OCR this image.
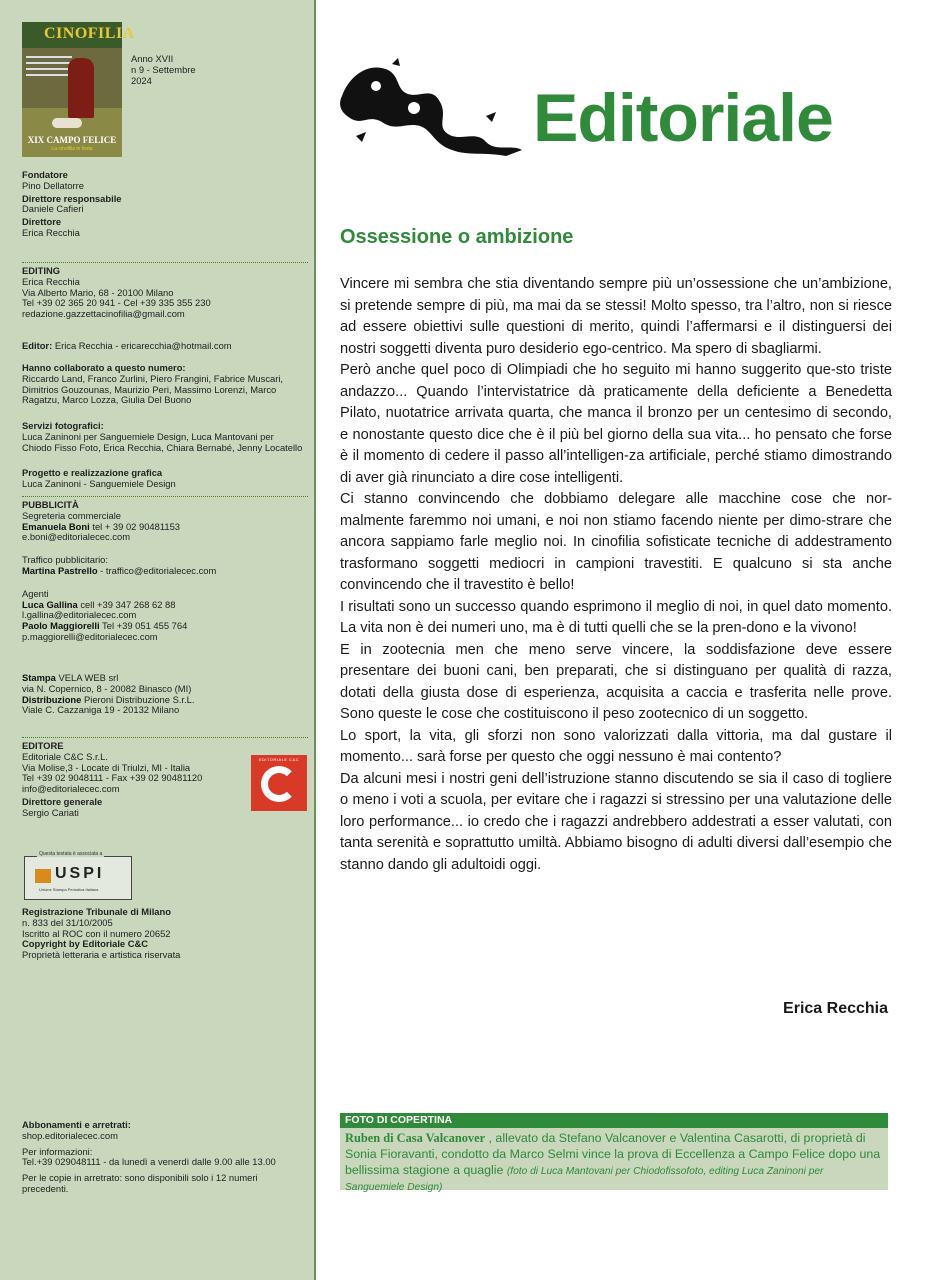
CINOFILIA
XIX CAMPO FELICE
La cinofilia in festa
Anno XVII
n 9 - Settembre
2024
Fondatore
Pino Dellatorre
Direttore responsabile
Daniele Cafieri
Direttore
Erica Recchia
EDITING
Erica Recchia
Via Alberto Mario, 68 - 20100 Milano
Tel +39 02 365 20 941 - Cel +39 335 355 230
redazione.gazzettacinofilia@gmail.com
Editor: Erica Recchia - ericarecchia@hotmail.com
Hanno collaborato a questo numero:
Riccardo Land, Franco Zurlini, Piero Frangini, Fabrice Muscari,
Dimitrios Gouzounas, Maurizio Peri, Massimo Lorenzi, Marco
Ragatzu, Marco Lozza, Giulia Del Buono
Servizi fotografici:
Luca Zaninoni per Sanguemiele Design, Luca Mantovani per
Chiodo Fisso Foto, Erica Recchia, Chiara Bernabé, Jenny Locatello
Progetto e realizzazione grafica
Luca Zaninoni - Sanguemiele Design
PUBBLICITÀ
Segreteria commerciale
Emanuela Boni tel + 39 02 90481153
e.boni@editorialecec.com
Traffico pubblicitario:
Martina Pastrello - traffico@editorialecec.com
Agenti
Luca Gallina cell +39 347 268 62 88
l.gallina@editorialecec.com
Paolo Maggiorelli Tel +39 051 455 764
p.maggiorelli@editorialecec.com
Stampa VELA WEB srl
via N. Copernico, 8 - 20082 Binasco (MI)
Distribuzione Pieroni Distribuzione S.r.L.
Viale C. Cazzaniga 19 - 20132 Milano
EDITORE
Editoriale C&C S.r.L.
Via Molise,3 - Locate di Triulzi, MI - Italia
Tel +39 02 9048111 - Fax +39 02 90481120
info@editorialecec.com
Direttore generale
Sergio Cariati
EDITORIALE C&C
Questa testata è associata a
USPI
Unione Stampa Periodica Italiana
Registrazione Tribunale di Milano
n. 833 del 31/10/2005
Iscritto al ROC con il numero 20652
Copyright by Editoriale C&C
Proprietà letteraria e artistica riservata
Abbonamenti e arretrati:
shop.editorialecec.com
Per informazioni:
Tel.+39 029048111 - da lunedì a venerdì dalle 9.00 alle 13.00
Per le copie in arretrato: sono disponibili solo i 12 numeri
precedenti.
Editoriale
Ossessione o ambizione

Vincere mi sembra che stia diventando sempre più un’ossessione che un’ambizione, si pretende sempre di più, ma mai da se stessi! Molto spesso, tra l’altro, non si riesce ad essere obiettivi sulle questioni di merito, quindi l’affermarsi e il distinguersi dei nostri soggetti diventa puro desiderio ego-centrico. Ma spero di sbagliarmi.

Però anche quel poco di Olimpiadi che ho seguito mi hanno suggerito que-sto triste andazzo... Quando l’intervistatrice dà praticamente della deficiente a Benedetta Pilato, nuotatrice arrivata quarta, che manca il bronzo per un centesimo di secondo, e nonostante questo dice che è il più bel giorno della sua vita... ho pensato che forse è il momento di cedere il passo all’intelligen-za artificiale, perché stiamo dimostrando di aver già rinunciato a dire cose intelligenti.

Ci stanno convincendo che dobbiamo delegare alle macchine cose che nor-malmente faremmo noi umani, e noi non stiamo facendo niente per dimo-strare che ancora sappiamo farle meglio noi. In cinofilia sofisticate tecniche di addestramento trasformano soggetti mediocri in campioni travestiti. E qualcuno si sta anche convincendo che il travestito è bello!

I risultati sono un successo quando esprimono il meglio di noi, in quel dato momento. La vita non è dei numeri uno, ma è di tutti quelli che se la pren-dono e la vivono!

E in zootecnia men che meno serve vincere, la soddisfazione deve essere presentare dei buoni cani, ben preparati, che si distinguano per qualità di razza, dotati della giusta dose di esperienza, acquisita a caccia e trasferita nelle prove. Sono queste le cose che costituiscono il peso zootecnico di un soggetto.

Lo sport, la vita, gli sforzi non sono valorizzati dalla vittoria, ma dal gustare il momento... sarà forse per questo che oggi nessuno è mai contento?

Da alcuni mesi i nostri geni dell’istruzione stanno discutendo se sia il caso di togliere o meno i voti a scuola, per evitare che i ragazzi si stressino per una valutazione delle loro performance... io credo che i ragazzi andrebbero addestrati a esser valutati, con tanta serenità e soprattutto umiltà. Abbiamo bisogno di adulti diversi dall’esempio che stanno dando gli adultoidi oggi.

Erica Recchia
FOTO DI COPERTINA
Ruben di Casa Valcanover , allevato da Stefano Valcanover e Valentina Casarotti, di proprietà di Sonia Fioravanti, condotto da Marco Selmi vince la prova di Eccellenza a Campo Felice dopo una bellissima stagione a quaglie (foto di Luca Mantovani per Chiodofissofoto, editing Luca Zaninoni per Sanguemiele Design)
